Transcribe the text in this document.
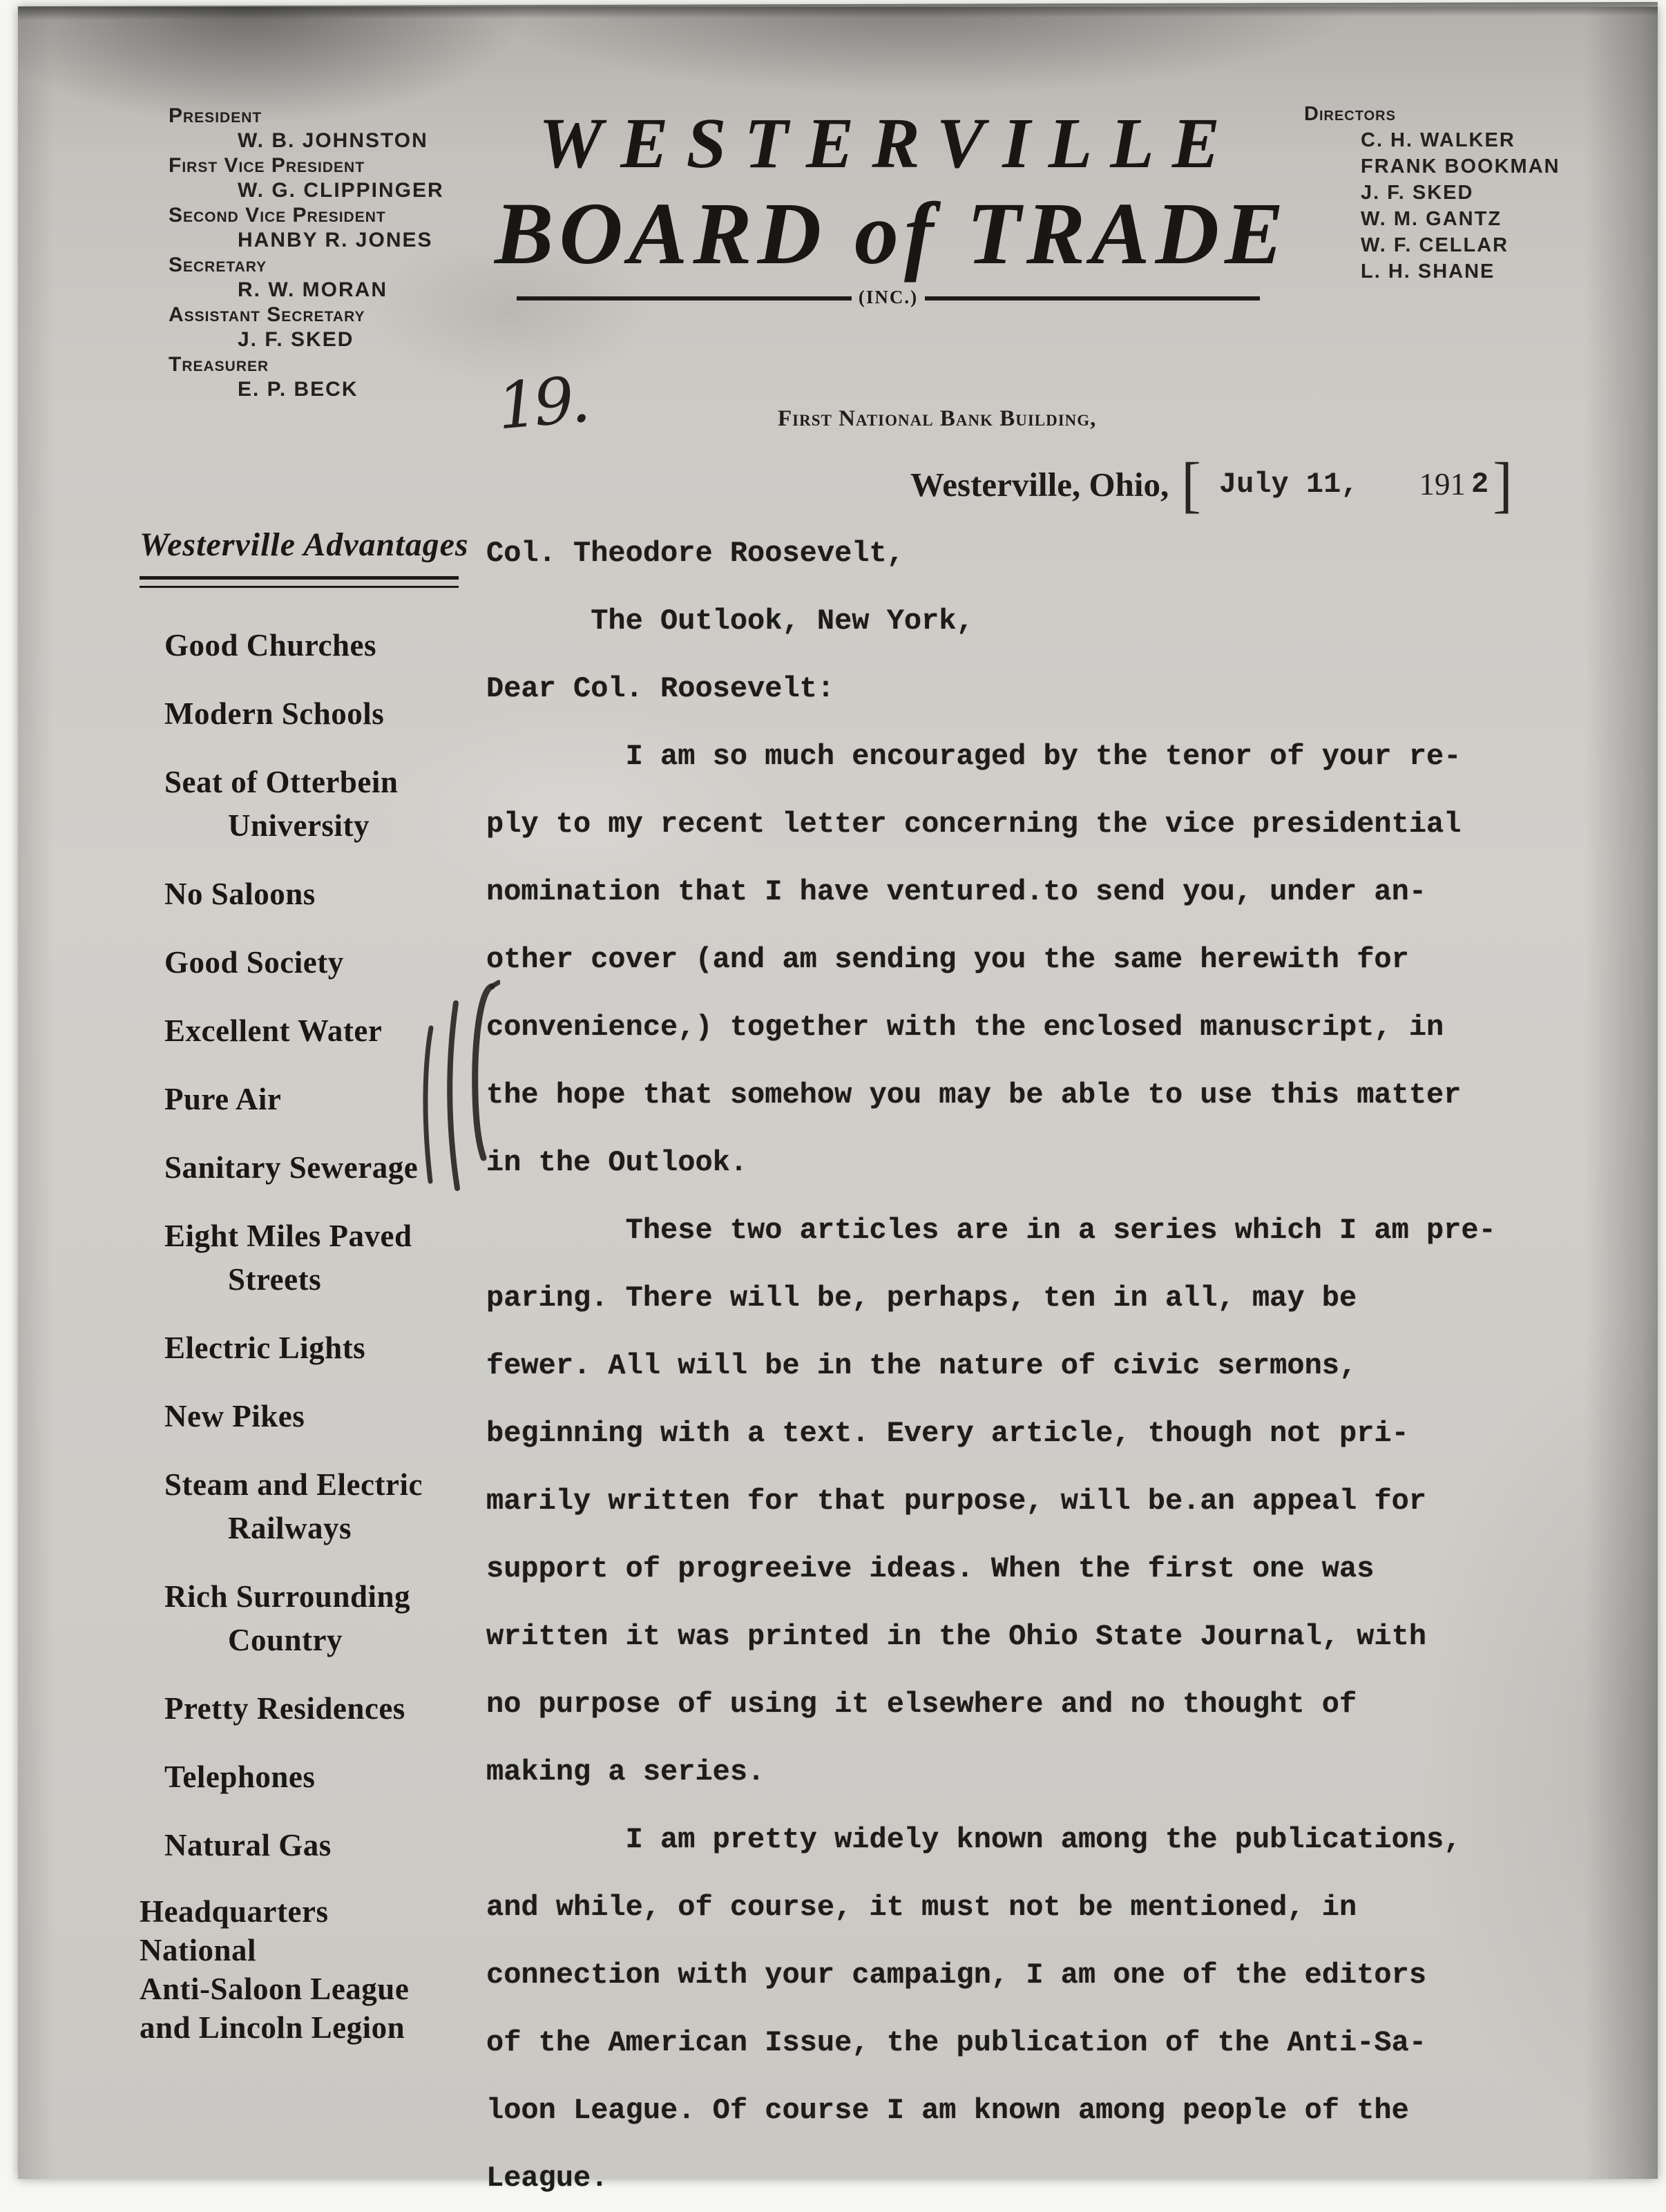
President
W. B. JOHNSTON
First Vice President
W. G. CLIPPINGER
Second Vice President
HANBY R. JONES
Secretary
R. W. MORAN
Assistant Secretary
J. F. SKED
Treasurer
E. P. BECK
WESTERVILLE
BOARD of TRADE
(INC.)
Directors
C. H. WALKER
FRANK BOOKMAN
J. F. SKED
W. M. GANTZ
W. F. CELLAR
L. H. SHANE
19.	First National Bank Building,
Westerville, Ohio, [ July 11, 191 2 ]
Westerville Advantages
Good Churches
Modern Schools
Seat of Otterbein
University
No Saloons
Good Society
Excellent Water
Pure Air
Sanitary Sewerage
Eight Miles Paved
Streets
Electric Lights
New Pikes
Steam and Electric
Railways
Rich Surrounding
Country
Pretty Residences
Telephones
Natural Gas
Headquarters
National
Anti-Saloon League
and Lincoln Legion
Col. Theodore Roosevelt,
The Outlook, New York,
Dear Col. Roosevelt:
I am so much encouraged by the tenor of your re-
ply to my recent letter concerning the vice presidential
nomination that I have ventured.to send you, under an-
other cover (and am sending you the same herewith for
convenience,) together with the enclosed manuscript, in
the hope that somehow you may be able to use this matter
in the Outlook.
These two articles are in a series which I am pre-
paring. There will be, perhaps, ten in all, may be
fewer. All will be in the nature of civic sermons,
beginning with a text. Every article, though not pri-
marily written for that purpose, will be.an appeal for
support of progreeive ideas. When the first one was
written it was printed in the Ohio State Journal, with
no purpose of using it elsewhere and no thought of
making a series.
I am pretty widely known among the publications,
and while, of course, it must not be mentioned, in
connection with your campaign, I am one of the editors
of the American Issue, the publication of the Anti-Sa-
loon League. Of course I am known among people of the
League.
